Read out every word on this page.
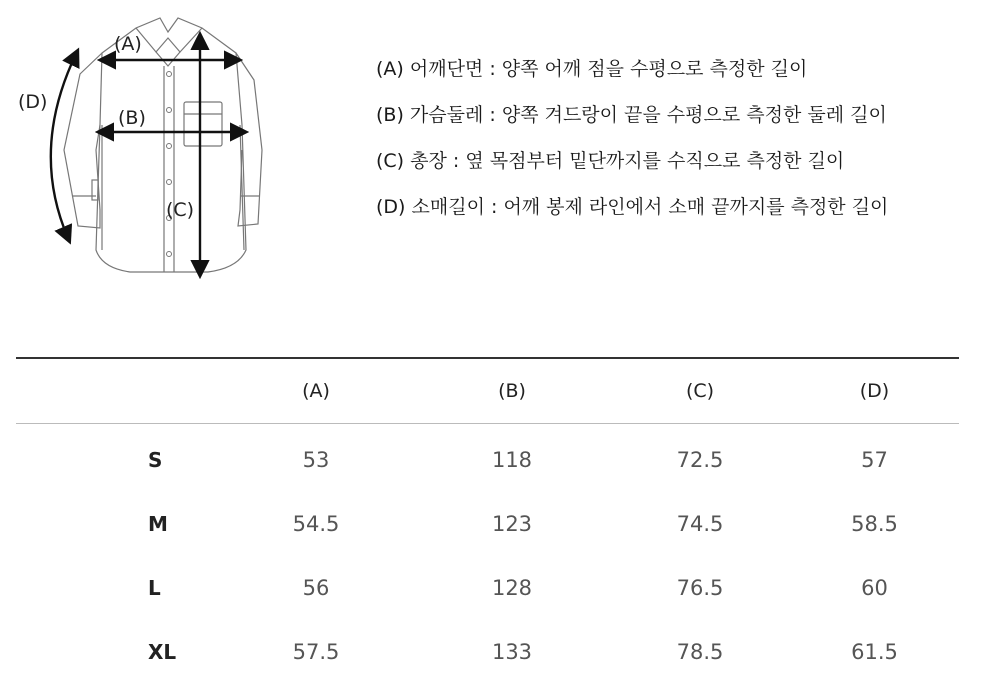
(A)
(B)
(C)
(D)
(A) 어깨단면 : 양쪽 어깨 점을 수평으로 측정한 길이
(B) 가슴둘레 : 양쪽 겨드랑이 끝을 수평으로 측정한 둘레 길이
(C) 총장 : 옆 목점부터 밑단까지를 수직으로 측정한 길이
(D) 소매길이 : 어깨 봉제 라인에서 소매 끝까지를 측정한 길이
	(A)	(B)	(C)	(D)
S	53	118	72.5	57
M	54.5	123	74.5	58.5
L	56	128	76.5	60
XL	57.5	133	78.5	61.5
